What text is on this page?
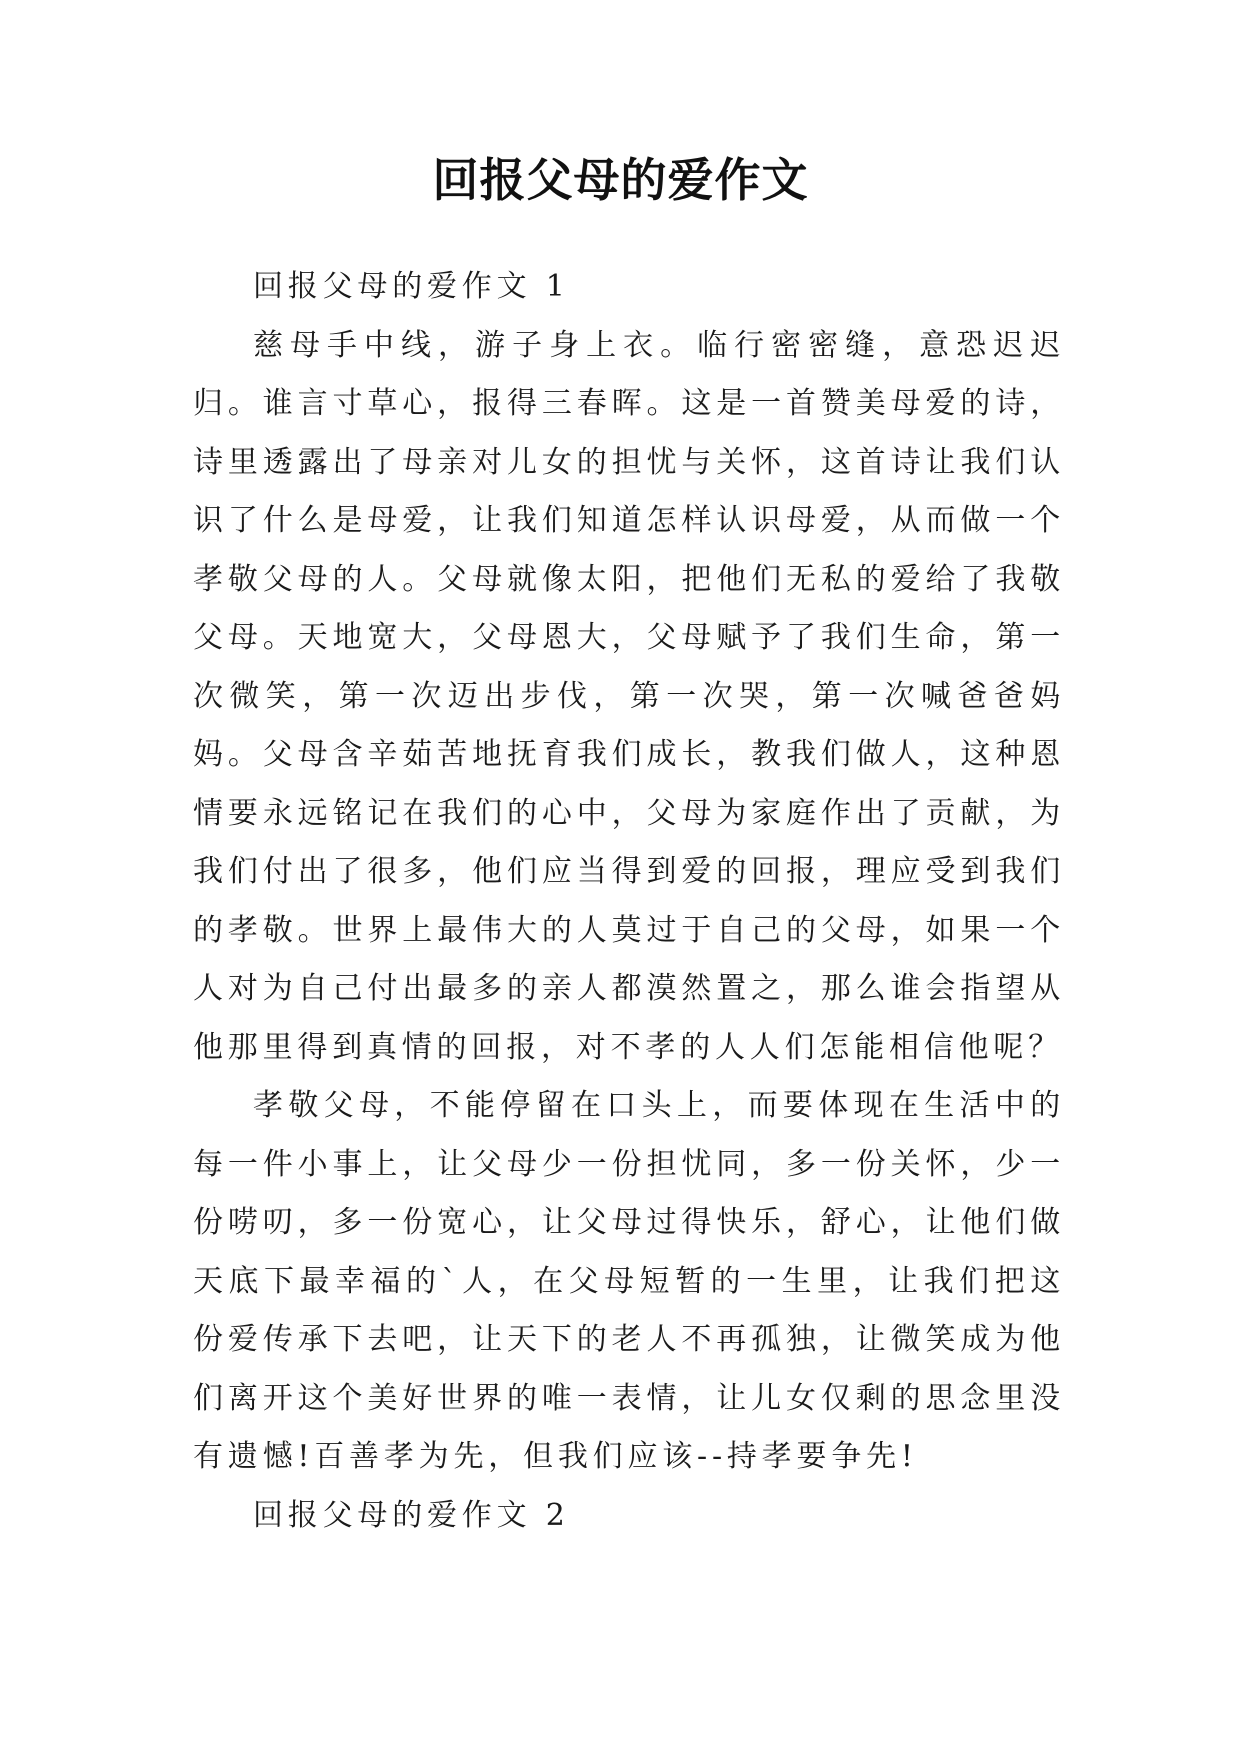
回报父母的爱作文

回报父母的爱作文 1

慈母手中线，游子身上衣。临行密密缝，意恐迟迟归。谁言寸草心，报得三春晖。这是一首赞美母爱的诗，诗里透露出了母亲对儿女的担忧与关怀，这首诗让我们认识了什么是母爱，让我们知道怎样认识母爱，从而做一个孝敬父母的人。父母就像太阳，把他们无私的爱给了我敬父母。天地宽大，父母恩大，父母赋予了我们生命，第一次微笑，第一次迈出步伐，第一次哭，第一次喊爸爸妈妈。父母含辛茹苦地抚育我们成长，教我们做人，这种恩情要永远铭记在我们的心中，父母为家庭作出了贡献，为我们付出了很多，他们应当得到爱的回报，理应受到我们的孝敬。世界上最伟大的人莫过于自己的父母，如果一个人对为自己付出最多的亲人都漠然置之，那么谁会指望从他那里得到真情的回报，对不孝的人人们怎能相信他呢？

孝敬父母，不能停留在口头上，而要体现在生活中的每一件小事上，让父母少一份担忧同，多一份关怀，少一份唠叨，多一份宽心，让父母过得快乐，舒心，让他们做天底下最幸福的`人，在父母短暂的一生里，让我们把这份爱传承下去吧，让天下的老人不再孤独，让微笑成为他们离开这个美好世界的唯一表情，让儿女仅剩的思念里没有遗憾!百善孝为先，但我们应该--持孝要争先!

回报父母的爱作文 2
